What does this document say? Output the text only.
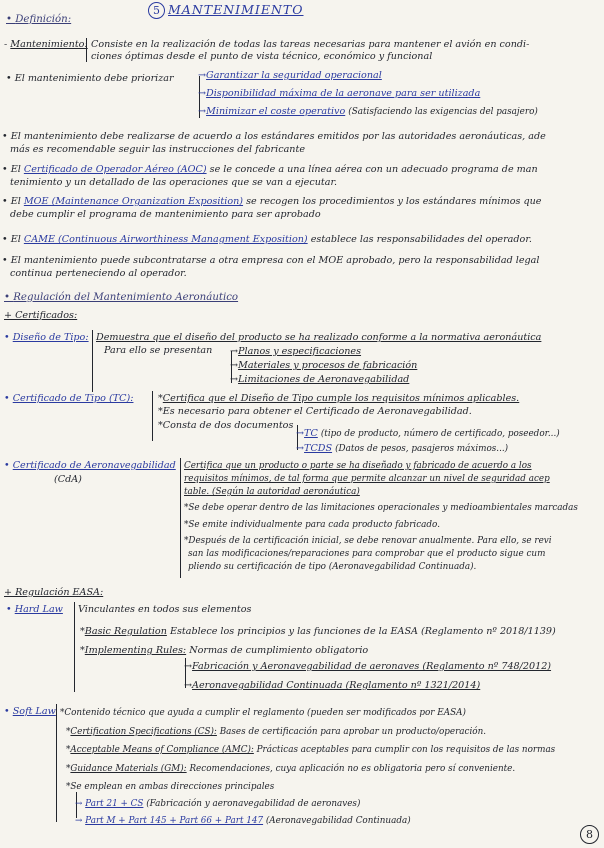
5 MANTENIMIENTO
• Definición:
- Mantenimiento: Consiste en la realización de todas las tareas necesarias para mantener el avión en condi-
ciones óptimas desde el punto de vista técnico, económico y funcional
• El mantenimiento debe priorizar	→Garantizar la seguridad operacional
→Disponibilidad máxima de la aeronave para ser utilizada
→Minimizar el coste operativo (Satisfaciendo las exigencias del pasajero)
• El mantenimiento debe realizarse de acuerdo a los estándares emitidos por las autoridades aeronáuticas, ade
más es recomendable seguir las instrucciones del fabricante
• El Certificado de Operador Aéreo (AOC) se le concede a una línea aérea con un adecuado programa de man
tenimiento y un detallado de las operaciones que se van a ejecutar.
• El MOE (Maintenance Organization Exposition) se recogen los procedimientos y los estándares mínimos que
debe cumplir el programa de mantenimiento para ser aprobado
• El CAME (Continuous Airworthiness Managment Exposition) establece las responsabilidades del operador.
• El mantenimiento puede subcontratarse a otra empresa con el MOE aprobado, pero la responsabilidad legal
continua perteneciendo al operador.
• Regulación del Mantenimiento Aeronáutico
+ Certificados:
• Diseño de Tipo: Demuestra que el diseño del producto se ha realizado conforme a la normativa aeronáutica
Para ello se presentan →Planos y especificaciones
→Materiales y procesos de fabricación
→Limitaciones de Aeronavegabilidad
• Certificado de Tipo (TC):	*Certifica que el Diseño de Tipo cumple los requisitos mínimos aplicables.
*Es necesario para obtener el Certificado de Aeronavegabilidad.
*Consta de dos documentos
→TC (tipo de producto, número de certificado, poseedor...)
→TCDS (Datos de pesos, pasajeros máximos...)
• Certificado de Aeronavegabilidad
(CdA)
Certifica que un producto o parte se ha diseñado y fabricado de acuerdo a los
requisitos mínimos, de tal forma que permite alcanzar un nivel de seguridad acep
table. (Según la autoridad aeronáutica)
*Se debe operar dentro de las limitaciones operacionales y medioambientales marcadas
*Se emite individualmente para cada producto fabricado.
*Después de la certificación inicial, se debe renovar anualmente. Para ello, se revi
san las modificaciones/reparaciones para comprobar que el producto sigue cum
pliendo su certificación de tipo (Aeronavegabilidad Continuada).
+ Regulación EASA:
• Hard Law Vinculantes en todos sus elementos
*Basic Regulation Establece los principios y las funciones de la EASA (Reglamento nº 2018/1139)
*Implementing Rules: Normas de cumplimiento obligatorio
→Fabricación y Aeronavegabilidad de aeronaves (Reglamento nº 748/2012)
→Aeronavegabilidad Continuada (Reglamento nº 1321/2014)
• Soft Law *Contenido técnico que ayuda a cumplir el reglamento (pueden ser modificados por EASA)
*Certification Specifications (CS): Bases de certificación para aprobar un producto/operación.
*Acceptable Means of Compliance (AMC): Prácticas aceptables para cumplir con los requisitos de las normas
*Guidance Materials (GM): Recomendaciones, cuya aplicación no es obligatoria pero sí conveniente.
*Se emplean en ambas direcciones principales
→ Part 21 + CS (Fabricación y aeronavegabilidad de aeronaves)
→ Part M + Part 145 + Part 66 + Part 147 (Aeronavegabilidad Continuada)
8
